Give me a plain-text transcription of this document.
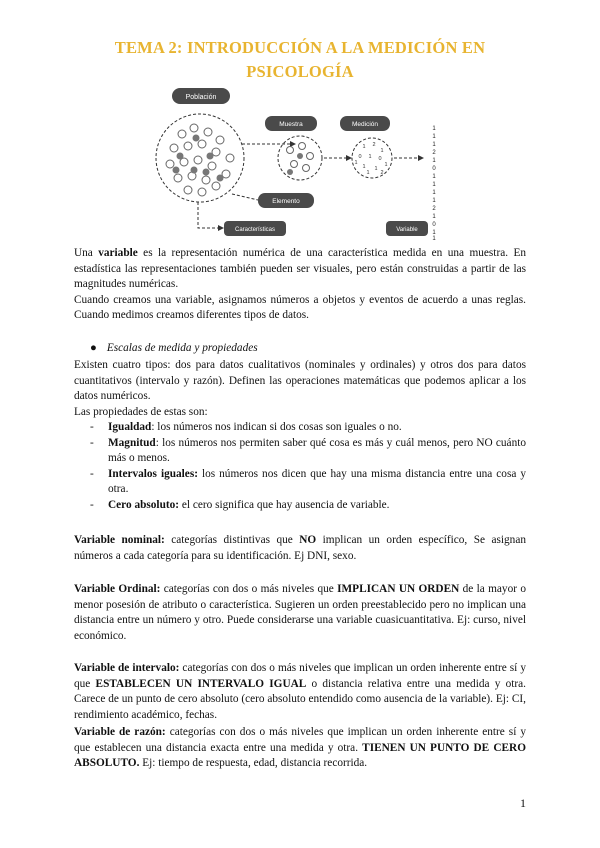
TEMA 2: INTRODUCCIÓN A LA MEDICIÓN EN
PSICOLOGÍA
Población
Muestra	Medición
1 2
1
0 1 0
1 1
1
1
1
2
1
1
2
1
0
1
1
1
1
2
1
0
1
1
1
Elemento
Características	Variable

Una variable es la representación numérica de una característica medida en una muestra. En estadística las representaciones también pueden ser visuales, pero están construidas a partir de las magnitudes numéricas.

Cuando creamos una variable, asignamos números a objetos y eventos de acuerdo a unas reglas. Cuando medimos creamos diferentes tipos de datos.

● Escalas de medida y propiedades

Existen cuatro tipos: dos para datos cualitativos (nominales y ordinales) y otros dos para datos cuantitativos (intervalo y razón). Definen las operaciones matemáticas que podemos aplicar a los datos numéricos.

Las propiedades de estas son:

- Igualdad: los números nos indican si dos cosas son iguales o no.
- Magnitud: los números nos permiten saber qué cosa es más y cuál menos, pero NO cuánto más o menos.
- Intervalos iguales: los números nos dicen que hay una misma distancia entre una cosa y otra.
- Cero absoluto: el cero significa que hay ausencia de variable.

Variable nominal: categorías distintivas que NO implican un orden específico, Se asignan números a cada categoría para su identificación. Ej DNI, sexo.

Variable Ordinal: categorías con dos o más niveles que IMPLICAN UN ORDEN de la mayor o menor posesión de atributo o característica. Sugieren un orden preestablecido pero no implican una distancia entre un número y otro. Puede considerarse una variable cuasicuantitativa. Ej: curso, nivel económico.

Variable de intervalo: categorías con dos o más niveles que implican un orden inherente entre sí y que ESTABLECEN UN INTERVALO IGUAL o distancia relativa entre una medida y otra. Carece de un punto de cero absoluto (cero absoluto entendido como ausencia de la variable). Ej: CI, rendimiento académico, fechas.

Variable de razón: categorías con dos o más niveles que implican un orden inherente entre sí y que establecen una distancia exacta entre una medida y otra. TIENEN UN PUNTO DE CERO ABSOLUTO. Ej: tiempo de respuesta, edad, distancia recorrida.

1
